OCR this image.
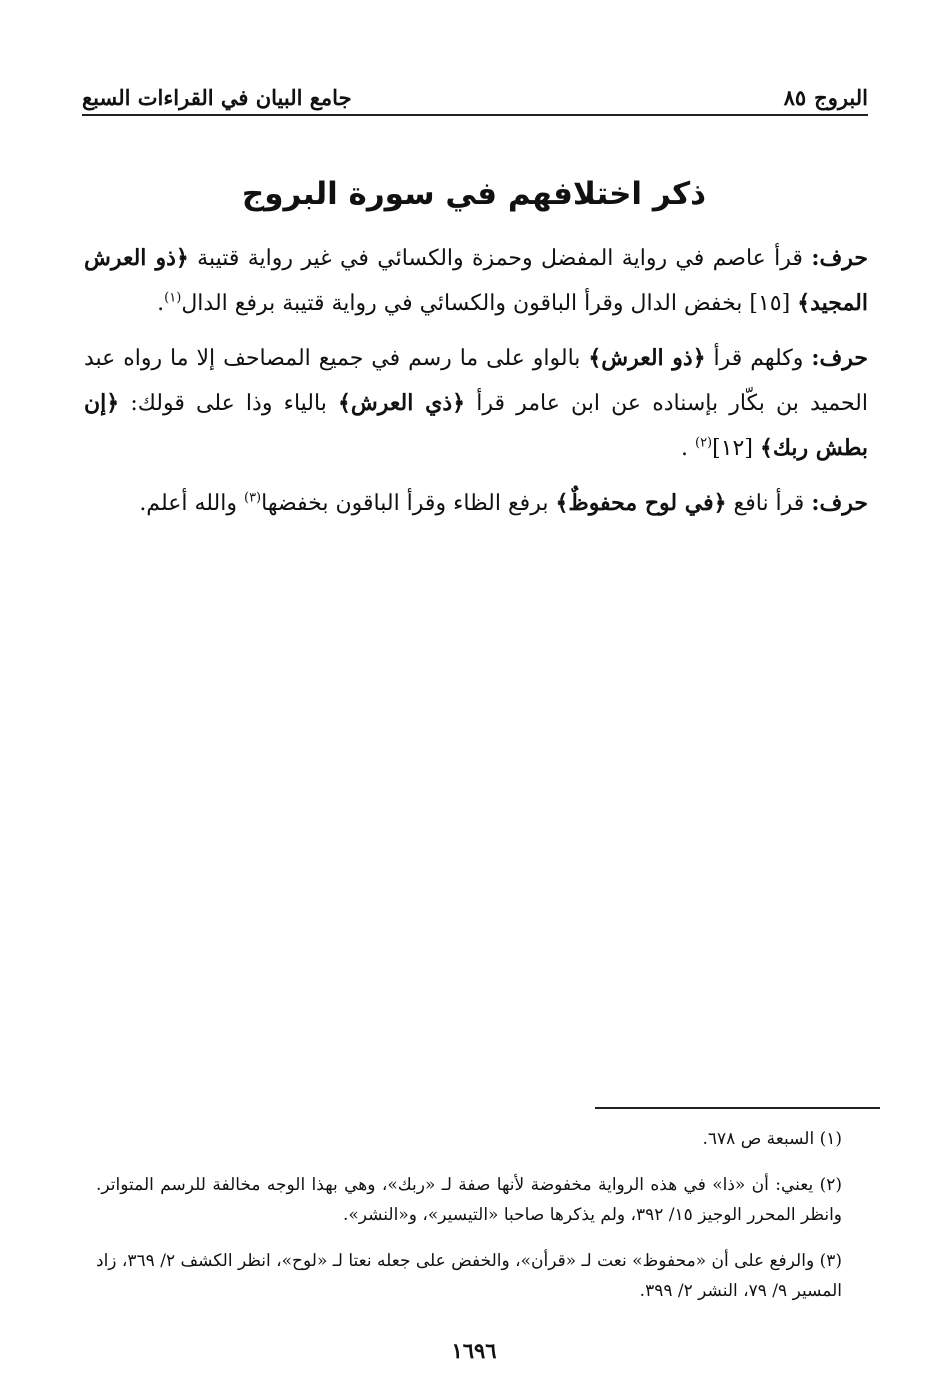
البروج
٨٥
جامع البيان في القراءات السبع
ذكر اختلافهم في سورة البروج

حرف: قرأ عاصم في رواية المفضل وحمزة والكسائي في غير رواية قتيبة ﴿ذو العرش المجيد﴾ [١٥] بخفض الدال وقرأ الباقون والكسائي في رواية قتيبة برفع الدال$^{(١)}$.

حرف: وكلهم قرأ ﴿ذو العرش﴾ بالواو على ما رسم في جميع المصاحف إلا ما رواه عبد الحميد بن بكّار بإسناده عن ابن عامر قرأ ﴿ذي العرش﴾ بالياء وذا على قولك: ﴿إن بطش ربك﴾ [١٢]$^{(٢)}$ .

حرف: قرأ نافع ﴿في لوح محفوظٌ﴾ برفع الظاء وقرأ الباقون بخفضها$^{(٣)}$ والله أعلم.

(١) السبعة ص ٦٧٨.

(٢) يعني: أن «ذا» في هذه الرواية مخفوضة لأنها صفة لـ «ربك»، وهي بهذا الوجه مخالفة للرسم المتواتر. وانظر المحرر الوجيز ١٥/ ٣٩٢، ولم يذكرها صاحبا «التيسير»، و«النشر».

(٣) والرفع على أن «محفوظ» نعت لـ «قرأن»، والخفض على جعله نعتا لـ «لوح»، انظر الكشف ٢/ ٣٦٩، زاد المسير ٩/ ٧٩، النشر ٢/ ٣٩٩.

١٦٩٦
